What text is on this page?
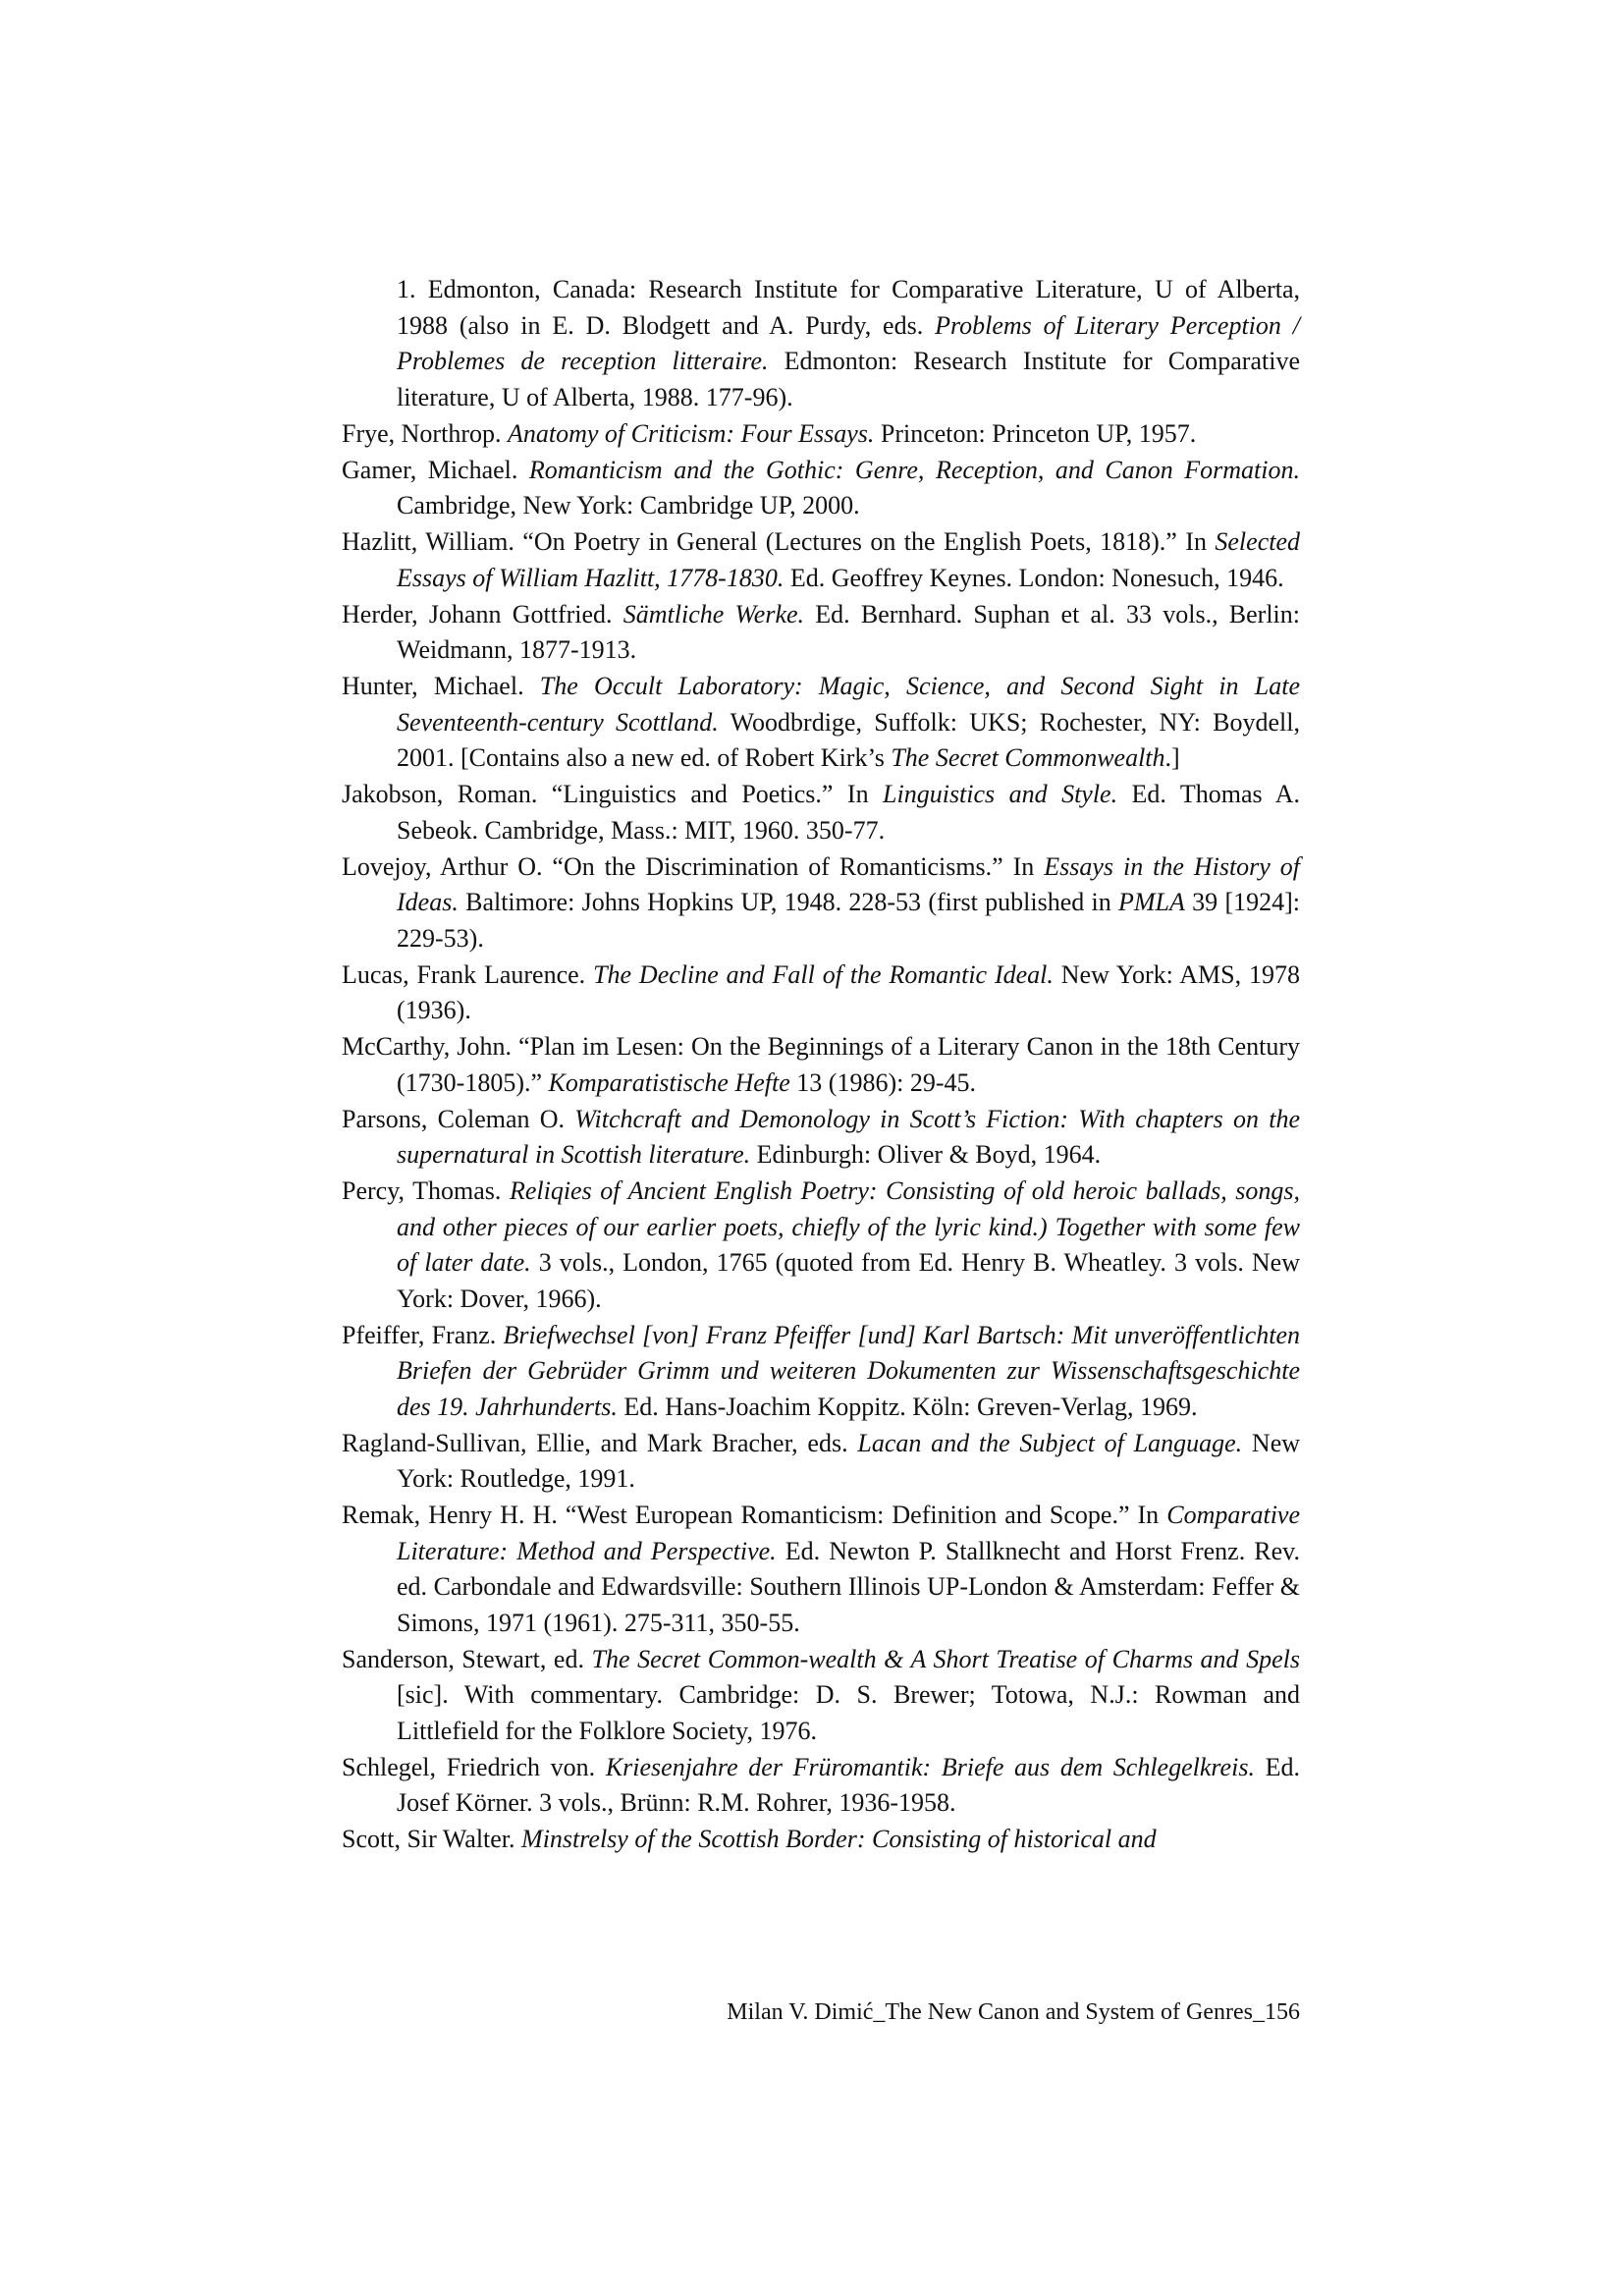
1. Edmonton, Canada: Research Institute for Comparative Literature, U of Alberta, 1988 (also in E. D. Blodgett and A. Purdy, eds. Problems of Literary Perception / Problemes de reception litteraire. Edmonton: Research Institute for Comparative literature, U of Alberta, 1988. 177-96).

Frye, Northrop. Anatomy of Criticism: Four Essays. Princeton: Princeton UP, 1957.

Gamer, Michael. Romanticism and the Gothic: Genre, Reception, and Canon Formation. Cambridge, New York: Cambridge UP, 2000.

Hazlitt, William. “On Poetry in General (Lectures on the English Poets, 1818).” In Selected Essays of William Hazlitt, 1778-1830. Ed. Geoffrey Keynes. London: Nonesuch, 1946.

Herder, Johann Gottfried. Sämtliche Werke. Ed. Bernhard. Suphan et al. 33 vols., Berlin: Weidmann, 1877-1913.

Hunter, Michael. The Occult Laboratory: Magic, Science, and Second Sight in Late Seventeenth-century Scottland. Woodbrdige, Suffolk: UKS; Rochester, NY: Boydell, 2001. [Contains also a new ed. of Robert Kirk’s The Secret Commonwealth.]

Jakobson, Roman. “Linguistics and Poetics.” In Linguistics and Style. Ed. Thomas A. Sebeok. Cambridge, Mass.: MIT, 1960. 350-77.

Lovejoy, Arthur O. “On the Discrimination of Romanticisms.” In Essays in the History of Ideas. Baltimore: Johns Hopkins UP, 1948. 228-53 (first published in PMLA 39 [1924]: 229-53).

Lucas, Frank Laurence. The Decline and Fall of the Romantic Ideal. New York: AMS, 1978 (1936).

McCarthy, John. “Plan im Lesen: On the Beginnings of a Literary Canon in the 18th Century (1730-1805).” Komparatistische Hefte 13 (1986): 29-45.

Parsons, Coleman O. Witchcraft and Demonology in Scott’s Fiction: With chapters on the supernatural in Scottish literature. Edinburgh: Oliver & Boyd, 1964.

Percy, Thomas. Reliqies of Ancient English Poetry: Consisting of old heroic ballads, songs, and other pieces of our earlier poets, chiefly of the lyric kind.) Together with some few of later date. 3 vols., London, 1765 (quoted from Ed. Henry B. Wheatley. 3 vols. New York: Dover, 1966).

Pfeiffer, Franz. Briefwechsel [von] Franz Pfeiffer [und] Karl Bartsch: Mit unveröffentlichten Briefen der Gebrüder Grimm und weiteren Dokumenten zur Wissenschaftsgeschichte des 19. Jahrhunderts. Ed. Hans-Joachim Koppitz. Köln: Greven-Verlag, 1969.

Ragland-Sullivan, Ellie, and Mark Bracher, eds. Lacan and the Subject of Language. New York: Routledge, 1991.

Remak, Henry H. H. “West European Romanticism: Definition and Scope.” In Comparative Literature: Method and Perspective. Ed. Newton P. Stallknecht and Horst Frenz. Rev. ed. Carbondale and Edwardsville: Southern Illinois UP-London & Amsterdam: Feffer & Simons, 1971 (1961). 275-311, 350-55.

Sanderson, Stewart, ed. The Secret Common-wealth & A Short Treatise of Charms and Spels [sic]. With commentary. Cambridge: D. S. Brewer; Totowa, N.J.: Rowman and Littlefield for the Folklore Society, 1976.

Schlegel, Friedrich von. Kriesenjahre der Früromantik: Briefe aus dem Schlegelkreis. Ed. Josef Körner. 3 vols., Brünn: R.M. Rohrer, 1936-1958.

Scott, Sir Walter. Minstrelsy of the Scottish Border: Consisting of historical and

Milan V. Dimić_The New Canon and System of Genres_156
